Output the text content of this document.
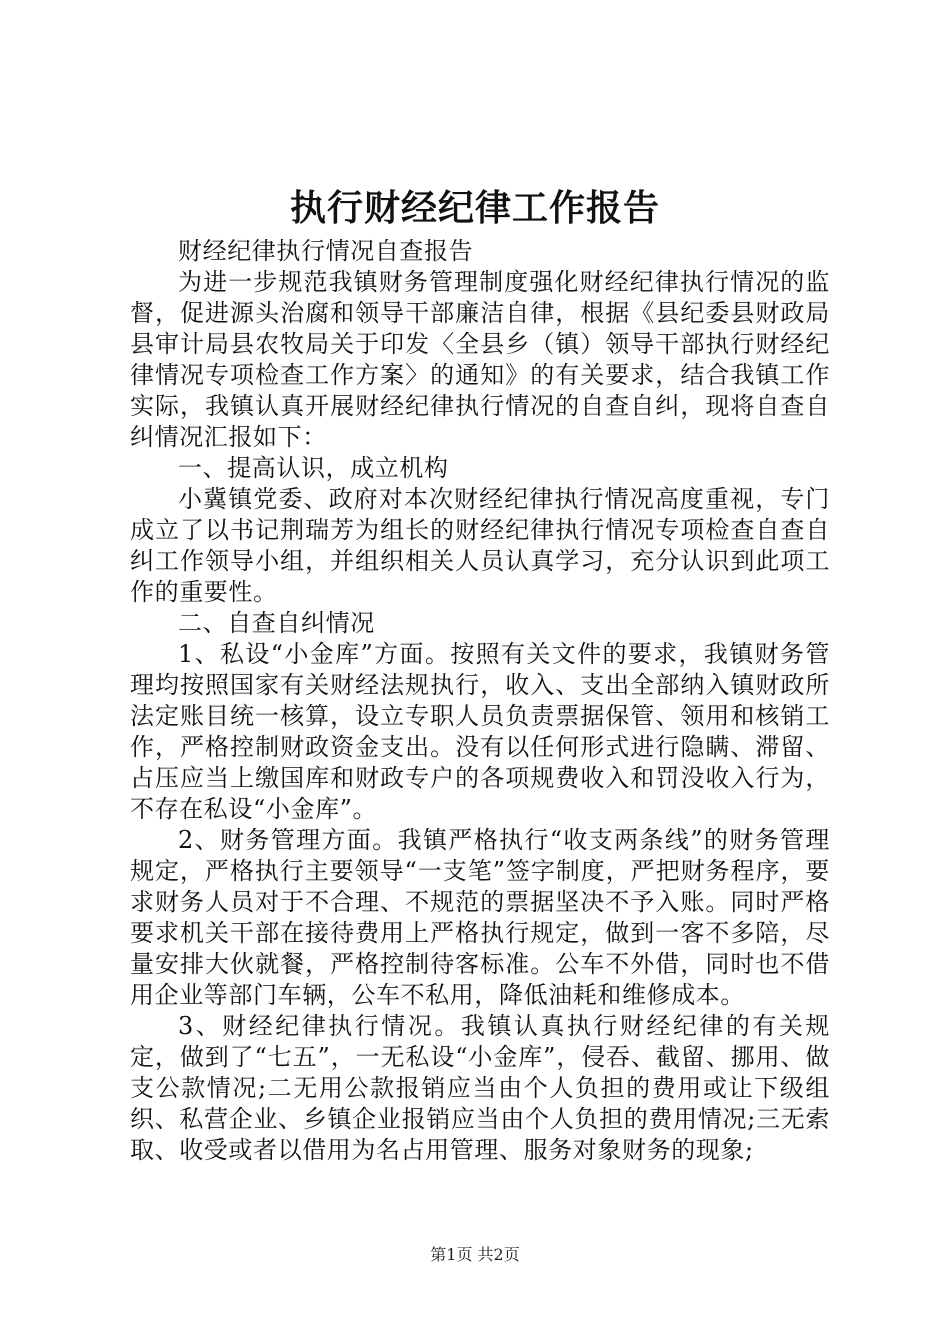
执行财经纪律工作报告

财经纪律执行情况自查报告

为进一步规范我镇财务管理制度强化财经纪律执行情况的监督，促进源头治腐和领导干部廉洁自律，根据《县纪委县财政局县审计局县农牧局关于印发〈全县乡（镇）领导干部执行财经纪律情况专项检查工作方案〉的通知》的有关要求，结合我镇工作实际，我镇认真开展财经纪律执行情况的自查自纠，现将自查自纠情况汇报如下：

一、提高认识，成立机构

小冀镇党委、政府对本次财经纪律执行情况高度重视，专门成立了以书记荆瑞芳为组长的财经纪律执行情况专项检查自查自纠工作领导小组，并组织相关人员认真学习，充分认识到此项工作的重要性。

二、自查自纠情况

1、私设“小金库”方面。按照有关文件的要求，我镇财务管理均按照国家有关财经法规执行，收入、支出全部纳入镇财政所法定账目统一核算，设立专职人员负责票据保管、领用和核销工作，严格控制财政资金支出。没有以任何形式进行隐瞒、滞留、占压应当上缴国库和财政专户的各项规费收入和罚没收入行为，不存在私设“小金库”。

2、财务管理方面。我镇严格执行“收支两条线”的财务管理规定，严格执行主要领导“一支笔”签字制度，严把财务程序，要求财务人员对于不合理、不规范的票据坚决不予入账。同时严格要求机关干部在接待费用上严格执行规定，做到一客不多陪，尽量安排大伙就餐，严格控制待客标准。公车不外借，同时也不借用企业等部门车辆，公车不私用，降低油耗和维修成本。

3、财经纪律执行情况。我镇认真执行财经纪律的有关规定，做到了“七五”，一无私设“小金库”，侵吞、截留、挪用、做支公款情况;二无用公款报销应当由个人负担的费用或让下级组织、私营企业、乡镇企业报销应当由个人负担的费用情况;三无索取、收受或者以借用为名占用管理、服务对象财务的现象;

第1页 共2页
